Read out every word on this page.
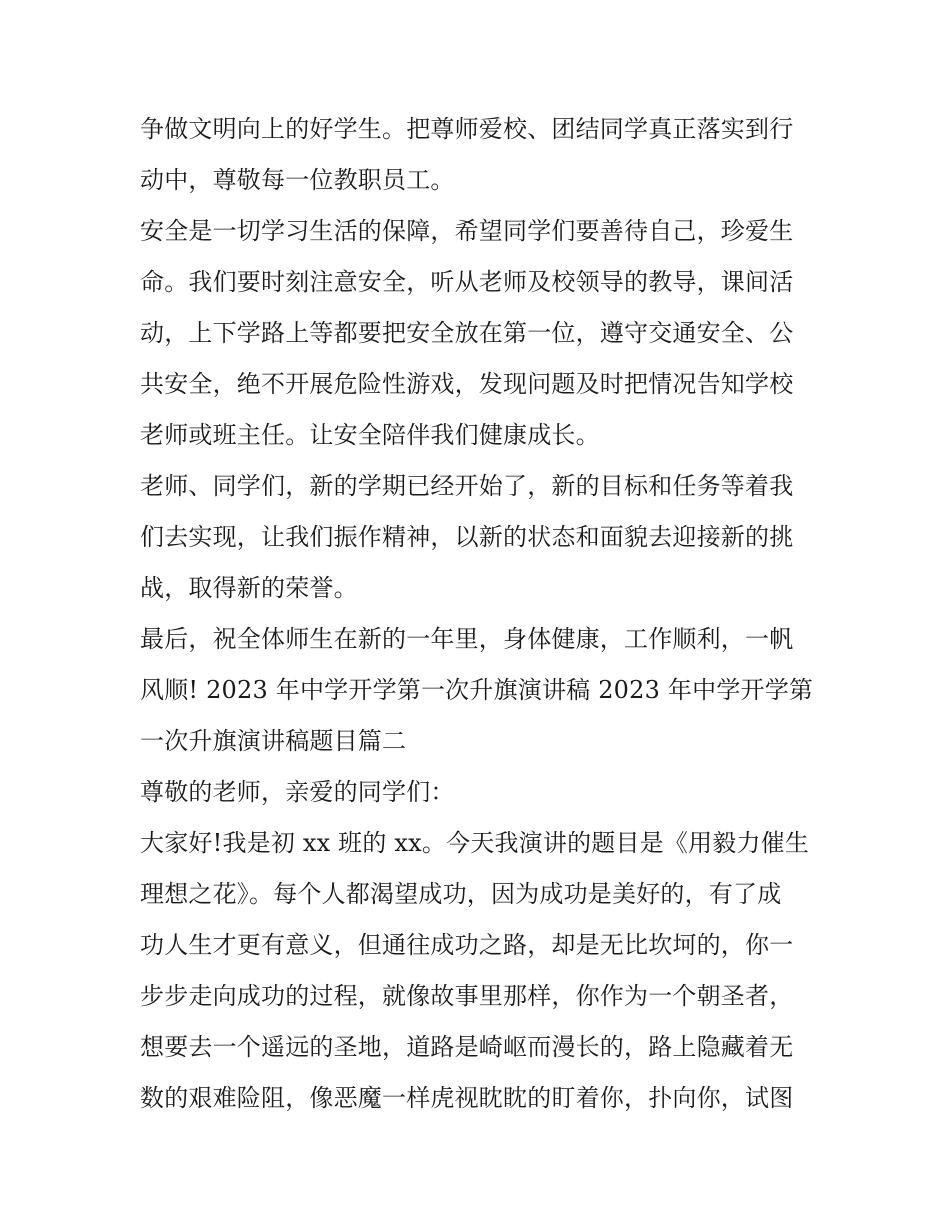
争做文明向上的好学生。把尊师爱校、团结同学真正落实到行
动中，尊敬每一位教职员工。
安全是一切学习生活的保障，希望同学们要善待自己，珍爱生
命。我们要时刻注意安全，听从老师及校领导的教导，课间活
动，上下学路上等都要把安全放在第一位，遵守交通安全、公
共安全，绝不开展危险性游戏，发现问题及时把情况告知学校
老师或班主任。让安全陪伴我们健康成长。
老师、同学们，新的学期已经开始了，新的目标和任务等着我
们去实现，让我们振作精神，以新的状态和面貌去迎接新的挑
战，取得新的荣誉。
最后，祝全体师生在新的一年里，身体健康，工作顺利，一帆
风顺! 2023 年中学开学第一次升旗演讲稿 2023 年中学开学第
一次升旗演讲稿题目篇二
尊敬的老师，亲爱的同学们：
大家好!我是初 xx 班的 xx。今天我演讲的题目是《用毅力催生
理想之花》。每个人都渴望成功，因为成功是美好的，有了成
功人生才更有意义，但通往成功之路，却是无比坎坷的，你一
步步走向成功的过程，就像故事里那样，你作为一个朝圣者，
想要去一个遥远的圣地，道路是崎岖而漫长的，路上隐藏着无
数的艰难险阻，像恶魔一样虎视眈眈的盯着你，扑向你，试图
